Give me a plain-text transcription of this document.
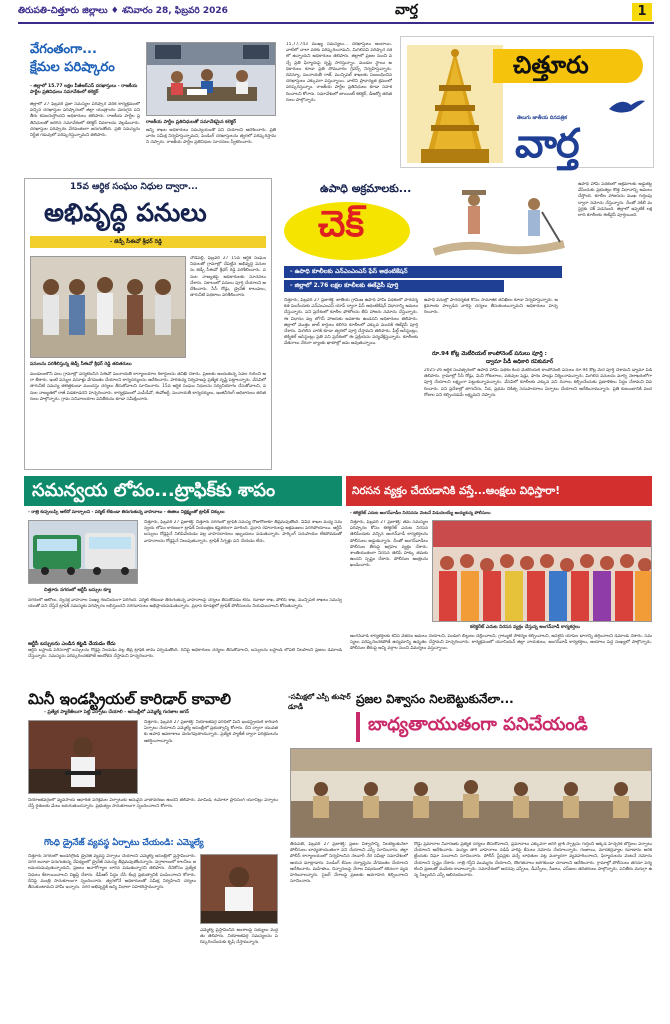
తిరుపతి-చిత్తూరు జిల్లాలు ♦ శనివారం 28, ఫిబ్రవరి 2026	వార్త	1
వేగంతంగా...
క్షేమల పరిష్కారం
- జిల్లాలో 15.77 లక్షల పీజీఆర్ఎస్ దరఖాస్తులు - రాజకీయ పార్టీల ప్రతినిధులు సమావేశంలో కలెక్టర్
జిల్లాలో 27 ఫిబ్రవరి ప్రజా సమస్యల పరిష్కార వేదిక కార్యక్రమంలో వచ్చిన దరఖాస్తుల పరిష్కారంలో జిల్లా యంత్రాంగం మెరుగైన పని తీరు కనబరుస్తోందని అధికారులు తెలిపారు. రాజకీయ పార్టీల ప్రతినిధులతో జరిగిన సమావేశంలో కలెక్టర్ వివరాలను వెల్లడించారు. దరఖాస్తుల పరిష్కారం వేగవంతంగా జరుగుతోంది. ప్రతి సమస్యను నిర్ణీత గడువులో పరిష్కరిస్తున్నామని తెలిపారు.
రాజకీయ పార్టీల ప్రతినిధులతో సమావేశమైన కలెక్టర్
అన్ని శాఖల అధికారులు సమన్వయంతో పని చేయాలని ఆదేశించారు. ప్రతి వారం సమీక్ష నిర్వహిస్తున్నామని, పెండింగ్ దరఖాస్తులను త్వరలో పరిష్కరిస్తామని చెప్పారు. రాజకీయ పార్టీల ప్రతినిధుల సూచనలు స్వీకరించారు.
15,77,743 ముఖ్య సమస్యలు... దరఖాస్తులు అందాయి. వాటిలో చాలా వరకు పరిష్కరించామని, మిగిలినవి పరిష్కార దశలో ఉన్నాయని అధికారులు తెలిపారు. జిల్లాలో ప్రజల నుంచి వచ్చే ప్రతి ఫిర్యాదుపై దృష్టి సారిస్తున్నాం. మండల స్థాయి అధికారులు కూడా ప్రతి సోమవారం గ్రీవెన్స్ నిర్వహిస్తున్నారు. రెవెన్యూ, పంచాయతీ రాజ్, మున్సిపల్ శాఖలకు సంబంధించిన దరఖాస్తులు ఎక్కువగా వస్తున్నాయి. వాటిని ప్రాధాన్యత క్రమంలో పరిష్కరిస్తున్నాం. రాజకీయ పార్టీల ప్రతినిధులు కూడా సహకరించాలని కోరారు. సమావేశంలో జాయింట్ కలెక్టర్, డీఆర్వో తదితరులు పాల్గొన్నారు.
చిత్తూరు
తెలుగు జాతీయ దినపత్రిక
వార్త
15వ ఆర్థిక సంఘం నిధుల ద్వారా...
అభివృద్ధి పనులు
- జెడ్పీ సీఈవో శ్రీధర్ రెడ్డి
పనులను పరిశీలిస్తున్న జెడ్పీ సీఈవో శ్రీధర్ రెడ్డి తదితరులు
చౌడేపల్లి, ఫిబ్రవరి 27 15వ ఆర్థిక సంఘం నిధులతో గ్రామాల్లో చేపట్టిన అభివృద్ధి పనులను జెడ్పీ సీఈవో శ్రీధర్ రెడ్డి పరిశీలించారు. పనుల నాణ్యతపై అధికారులకు సూచనలు చేశారు. సకాలంలో పనులు పూర్తి చేయాలని ఆదేశించారు. సీసీ రోడ్లు, డ్రైనేజీ కాలువలు, తాగునీటి పథకాలు పరిశీలించారు.
మండలంలోని పలు గ్రామాల్లో పర్యటించిన సీఈవో పంచాయతీ కార్యాలయాల రికార్డులను తనిఖీ చేశారు. ప్రజలకు అందుతున్న సేవల గురించి ఆరా తీశారు. ఇంటి పన్నుల వసూళ్లు వేగవంతం చేయాలని కార్యదర్శులను ఆదేశించారు. పారిశుధ్య నిర్వహణపై ప్రత్యేక దృష్టి పెట్టాలన్నారు. వేసవిలో తాగునీటి సమస్య తలెత్తకుండా ముందస్తు చర్యలు తీసుకోవాలని సూచించారు. 15వ ఆర్థిక సంఘం నిధులను సద్వినియోగం చేసుకోవాలని, పనుల నాణ్యతలో రాజీ పడకూడదని హెచ్చరించారు. కార్యక్రమంలో ఎంపీడీవో, ఈవోఆర్డీ, పంచాయతీ కార్యదర్శులు, ఇంజినీరింగ్ అధికారులు తదితరులు పాల్గొన్నారు. గ్రామ సచివాలయాల పనితీరును కూడా సమీక్షించారు.
ఉపాధి అక్రమాలకు...
చెక్
- ఉపాధి కూలీలకు ఎన్ఎంఎంఎస్ ఫేస్ అథంటికేషన్
- జిల్లాలో 2.76 లక్షల కూలీలకు ఈకేవైసీ పూర్తి
ఉపాధి హామీ పథకంలో అక్రమాలకు అడ్డుకట్ట వేసేందుకు ప్రభుత్వం కొత్త విధానాన్ని అమలు చేస్తోంది. కూలీల హాజరును ముఖ గుర్తింపు ద్వారా నమోదు చేస్తున్నారు. దీంతో నకిలీ మస్టర్లకు చెక్ పడనుంది. జిల్లాలో ఇప్పటికే లక్షలాది కూలీలకు ఈకేవైసీ పూర్తయింది.
చిత్తూరు, ఫిబ్రవరి 27 ప్రజాశక్తి: జాతీయ గ్రామీణ ఉపాధి హామీ పథకంలో పారదర్శకత పెంచేందుకు ఎన్ఎంఎంఎస్ యాప్ ద్వారా ఫేస్ అథంటికేషన్ విధానాన్ని అమలు చేస్తున్నారు. పని ప్రదేశంలో కూలీల ఫోటోలను తీసి హాజరు నమోదు చేస్తున్నారు. ఈ విధానం వల్ల బోగస్ హాజరుకు అవకాశం ఉండదని అధికారులు తెలిపారు. జిల్లాలో మొత్తం జాబ్ కార్డులు కలిగిన కూలీలలో ఎక్కువ మందికి ఈకేవైసీ పూర్తి చేశారు. మిగిలిన వారికి కూడా త్వరలో పూర్తి చేస్తామని తెలిపారు. ఫీల్డ్ అసిస్టెంట్లు, టెక్నికల్ అసిస్టెంట్లు ప్రతి పని ప్రదేశంలో ఈ ప్రక్రియను పర్యవేక్షిస్తున్నారు. కూలీలకు వేతనాలు నేరుగా బ్యాంకు ఖాతాల్లో జమ అవుతున్నాయి.
ఉపాధి పనుల్లో పారదర్శకత కోసం సామాజిక తనిఖీలు కూడా నిర్వహిస్తున్నారు. అక్రమాలకు పాల్పడిన వారిపై చర్యలు తీసుకుంటున్నామని అధికారులు హెచ్చరించారు.
రూ.94 కోట్ల మెటీరియల్ కాంపోనెంట్ పనులు పూర్తి :
డ్వామా పీడీ అధికారి రవికుమార్
2025-26 ఆర్థిక సంవత్సరంలో ఉపాధి హామీ పథకం కింద మెటీరియల్ కాంపోనెంట్ పనులు రూ.94 కోట్ల మేర పూర్తి చేశామని డ్వామా పీడీ తెలిపారు. గ్రామాల్లో సీసీ రోడ్లు, మినీ గోకులాలు, పశువుల షెడ్లు, ఫారం పాండ్లు నిర్మించామన్నారు. మిగిలిన పనులను మార్చి నెలాఖరులోగా పూర్తి చేయాలని లక్ష్యంగా పెట్టుకున్నామన్నారు. వేసవిలో కూలీలకు ఎక్కువ పని దినాలు కల్పించేందుకు ప్రణాళికలు సిద్ధం చేశామని వివరించారు. పని ప్రదేశాల్లో తాగునీరు, నీడ, ప్రథమ చికిత్స సదుపాయాలు ఏర్పాటు చేయాలని ఆదేశించామన్నారు. ప్రతి కుటుంబానికి వంద రోజుల పని కల్పించడమే లక్ష్యమని చెప్పారు.
సమన్వయ లోపం...ట్రాఫిక్‌కు శాపం
- రాత్రి కుప్పలుప్పి ఆలేదో మార్చాలని - పర్మిట్ లేకుండా తిరుగుతున్న వాహనాలు - ఈజిలు నిర్లక్ష్యంతో ట్రాఫిక్ చిక్కులు
చిత్తూరు నగరంలో ఆర్టీసీ బస్సుల క్యూ
చిత్తూరు, ఫిబ్రవరి 27 ప్రజాశక్తి: చిత్తూరు నగరంలో ట్రాఫిక్ సమస్య రోజురోజుకూ తీవ్రమవుతోంది. వివిధ శాఖల మధ్య సమన్వయ లోపం కారణంగా ట్రాఫిక్ నియంత్రణ కష్టతరంగా మారింది. ప్రధాన రహదారులపై ఆక్రమణలు పెరిగిపోయాయి. ఆర్టీసీ బస్సులు రోడ్లపైనే నిలిపివేయడం వల్ల వాహనదారులు ఇబ్బందులు పడుతున్నారు. పార్కింగ్ సదుపాయం లేకపోవడంతో వాహనాలను రోడ్లపైనే నిలుపుతున్నారు. ట్రాఫిక్ సిగ్నళ్లు పని చేయడం లేదు.
నగరంలో ఆటోలు, ద్విచక్ర వాహనాల సంఖ్య గణనీయంగా పెరిగింది. పర్మిట్ లేకుండా తిరుగుతున్న వాహనాలపై చర్యలు తీసుకోవడం లేదు. రవాణా శాఖ, పోలీస్ శాఖ, మున్సిపల్ శాఖలు సమన్వయంతో పని చేస్తేనే ట్రాఫిక్ సమస్యకు పరిష్కారం లభిస్తుందని నగరవాసులు అభిప్రాయపడుతున్నారు. ప్రధాన కూడళ్లలో ట్రాఫిక్ పోలీసులను నియమించాలని కోరుతున్నారు.
ఆర్టీసీ బస్సులను ఎండిన కట్టడి చేయడం లేదు
ఆర్టీసీ బస్టాండ్ పరిసరాల్లో బస్సులను రోడ్లపై నిలపడం వల్ల తీవ్ర ట్రాఫిక్ జామ్ ఏర్పడుతోంది. దీనిపై అధికారులు చర్యలు తీసుకోవాలని, బస్సులను బస్టాండ్ లోపలే నిలపాలని ప్రజలు డిమాండ్ చేస్తున్నారు. సమస్యను పరిష్కరించకపోతే ఆందోళన చేస్తామని హెచ్చరించారు.
నిరసన వ్యక్తం చేయడానికి వస్తే...ఆంక్షలు విధిస్తారా!
- కలెక్టరేట్ ఎదుట అంగన్‌వాడీల నిరసనను వెంటనే విడుదలయ్యే అయ్యకున్న పోలీసులు
చిత్తూరు, ఫిబ్రవరి 27 ప్రజాశక్తి: తమ సమస్యల పరిష్కారం కోసం కలెక్టరేట్ ఎదుట నిరసన తెలిపేందుకు వచ్చిన అంగన్‌వాడీ కార్యకర్తలను పోలీసులు అడ్డుకున్నారు. దీంతో అంగన్‌వాడీలు పోలీసుల తీరుపై ఆగ్రహం వ్యక్తం చేశారు. శాంతియుతంగా నిరసన తెలిపే హక్కు తమకు ఉందని స్పష్టం చేశారు. పోలీసుల ఆంక్షలను ఖండించారు.
కలెక్టరేట్ ఎదుట నిరసన వ్యక్తం చేస్తున్న అంగన్‌వాడీ కార్యకర్తలు
అంగన్‌వాడీ కార్యకర్తలకు కనీస వేతనం అమలు చేయాలని, పెండింగ్ బిల్లులు చెల్లించాలని, గ్రాట్యుటీ సౌకర్యం కల్పించాలని, ఆన్‌లైన్ యాప్‌ల భారాన్ని తగ్గించాలని డిమాండ్ చేశారు. సమస్యలు పరిష్కరించకపోతే ఉద్యమాన్ని ఉధృతం చేస్తామని హెచ్చరించారు. కార్యక్రమంలో యూనియన్ జిల్లా నాయకులు, అంగన్‌వాడీ కార్యకర్తలు, ఆయాలు పెద్ద సంఖ్యలో పాల్గొన్నారు. పోలీసుల తీరుపై అన్ని వర్గాల నుంచి విమర్శలు వస్తున్నాయి.
మినీ ఇండస్ట్రియల్ కారిడార్ కావాలి
- ప్రత్యేక ప్యాకేజీలుగా పెట్టి ఏర్పాటు చేయాలి - అసెంబ్లీలో ఎమ్మెల్యే గురజాల జగన్
చిత్తూరు, ఫిబ్రవరి 27 ప్రజాశక్తి: నియోజకవర్గ పరిధిలో మినీ ఇండస్ట్రియల్ కారిడార్ ఏర్పాటు చేయాలని ఎమ్మెల్యే అసెంబ్లీలో ప్రభుత్వాన్ని కోరారు. దీని ద్వారా యువతకు ఉపాధి అవకాశాలు మెరుగవుతాయన్నారు. ప్రత్యేక ప్యాకేజీ ద్వారా పరిశ్రమలను ఆకర్షించాలన్నారు.
నియోజకవర్గంలో వ్యవసాయ ఆధారిత పరిశ్రమల ఏర్పాటుకు అనువైన వాతావరణం ఉందని తెలిపారు. మామిడి, టమోటా ప్రాసెసింగ్ యూనిట్లు ఏర్పాటు చేస్తే రైతులకు మేలు జరుగుతుందన్నారు. ప్రభుత్వం సానుకూలంగా స్పందించాలని కోరారు.
గొంధి డ్రైనేజ్ వ్యవస్థ ఏర్పాటు చేయండి: ఎమ్మెల్యే
చిత్తూరు నగరంలో అండర్‌గ్రౌండ్ డ్రైనేజీ వ్యవస్థ ఏర్పాటు చేయాలని ఎమ్మెల్యే అసెంబ్లీలో ప్రస్తావించారు. నగర జనాభా పెరుగుతున్న నేపథ్యంలో డ్రైనేజీ సమస్య తీవ్రమవుతోందన్నారు. వర్షాకాలంలో కాలనీలు జలమయమవుతున్నాయని, ప్రజలు అనారోగ్యాల బారిన పడుతున్నారని తెలిపారు. దీనికోసం ప్రత్యేక నిధులు కేటాయించాలని విజ్ఞప్తి చేశారు. డీపీఆర్ సిద్ధం చేసి కేంద్ర ప్రభుత్వానికి పంపించాలని కోరారు. దీనిపై మంత్రి సానుకూలంగా స్పందించారు. త్వరలోనే అధికారులతో సమీక్ష నిర్వహించి చర్యలు తీసుకుంటామని హామీ ఇచ్చారు. నగర అభివృద్ధికి అన్ని విధాలా సహకరిస్తామన్నారు.
ఎమ్మెల్యే ప్రస్తావించిన అంశాలపై సభ్యులు మద్దతు తెలిపారు. నియోజకవర్గ సమస్యలను పరిష్కరించేందుకు కృషి చేస్తామన్నారు.
-సమీక్షలో ఎస్పీ తుషార్ డూడీ
ప్రజల విశ్వాసం నిలబెట్టుకునేలా...
బాధ్యతాయుతంగా పనిచేయండి
తిరుపతి, ఫిబ్రవరి 27 ప్రజాశక్తి: ప్రజల విశ్వాసాన్ని నిలబెట్టుకునేలా పోలీసులు బాధ్యతాయుతంగా పని చేయాలని ఎస్పీ సూచించారు. జిల్లా పోలీస్ కార్యాలయంలో నిర్వహించిన నెలవారీ నేర సమీక్షా సమావేశంలో ఆయన మాట్లాడారు. పెండింగ్ కేసుల దర్యాప్తును వేగవంతం చేయాలని ఆదేశించారు. మహిళలు, చిన్నారులపై నేరాల విషయంలో కఠినంగా వ్యవహరించాలన్నారు. సైబర్ నేరాలపై ప్రజలకు అవగాహన కల్పించాలని సూచించారు.
రోడ్డు ప్రమాదాల నివారణకు ప్రత్యేక చర్యలు తీసుకోవాలని, ప్రమాదాలు ఎక్కువగా జరిగే బ్లాక్ స్పాట్లను గుర్తించి అక్కడ హెచ్చరిక బోర్డులు ఏర్పాటు చేయాలని ఆదేశించారు. మద్యం తాగి వాహనాలు నడిపే వారిపై కేసులు నమోదు చేయాలన్నారు. గంజాయి, మాదకద్రవ్యాల రవాణాను అరికట్టేందుకు నిఘా పెంచాలని సూచించారు. పోలీస్ స్టేషన్లకు వచ్చే బాధితుల పట్ల మర్యాదగా వ్యవహరించాలని, ఫిర్యాదులను వెంటనే నమోదు చేయాలని స్పష్టం చేశారు. రాత్రి గస్తీని ముమ్మరం చేయాలని, దొంగతనాలు జరగకుండా చూడాలని ఆదేశించారు. గ్రామాల్లో పోలీసులు తరచూ పర్యటించి ప్రజలతో మమేకం కావాలన్నారు. సమావేశంలో అదనపు ఎస్పీలు, డీఎస్పీలు, సీఐలు, ఎస్ఐలు తదితరులు పాల్గొన్నారు. పనితీరు మెరుగ్గా ఉన్న సిబ్బందిని ఎస్పీ అభినందించారు.
